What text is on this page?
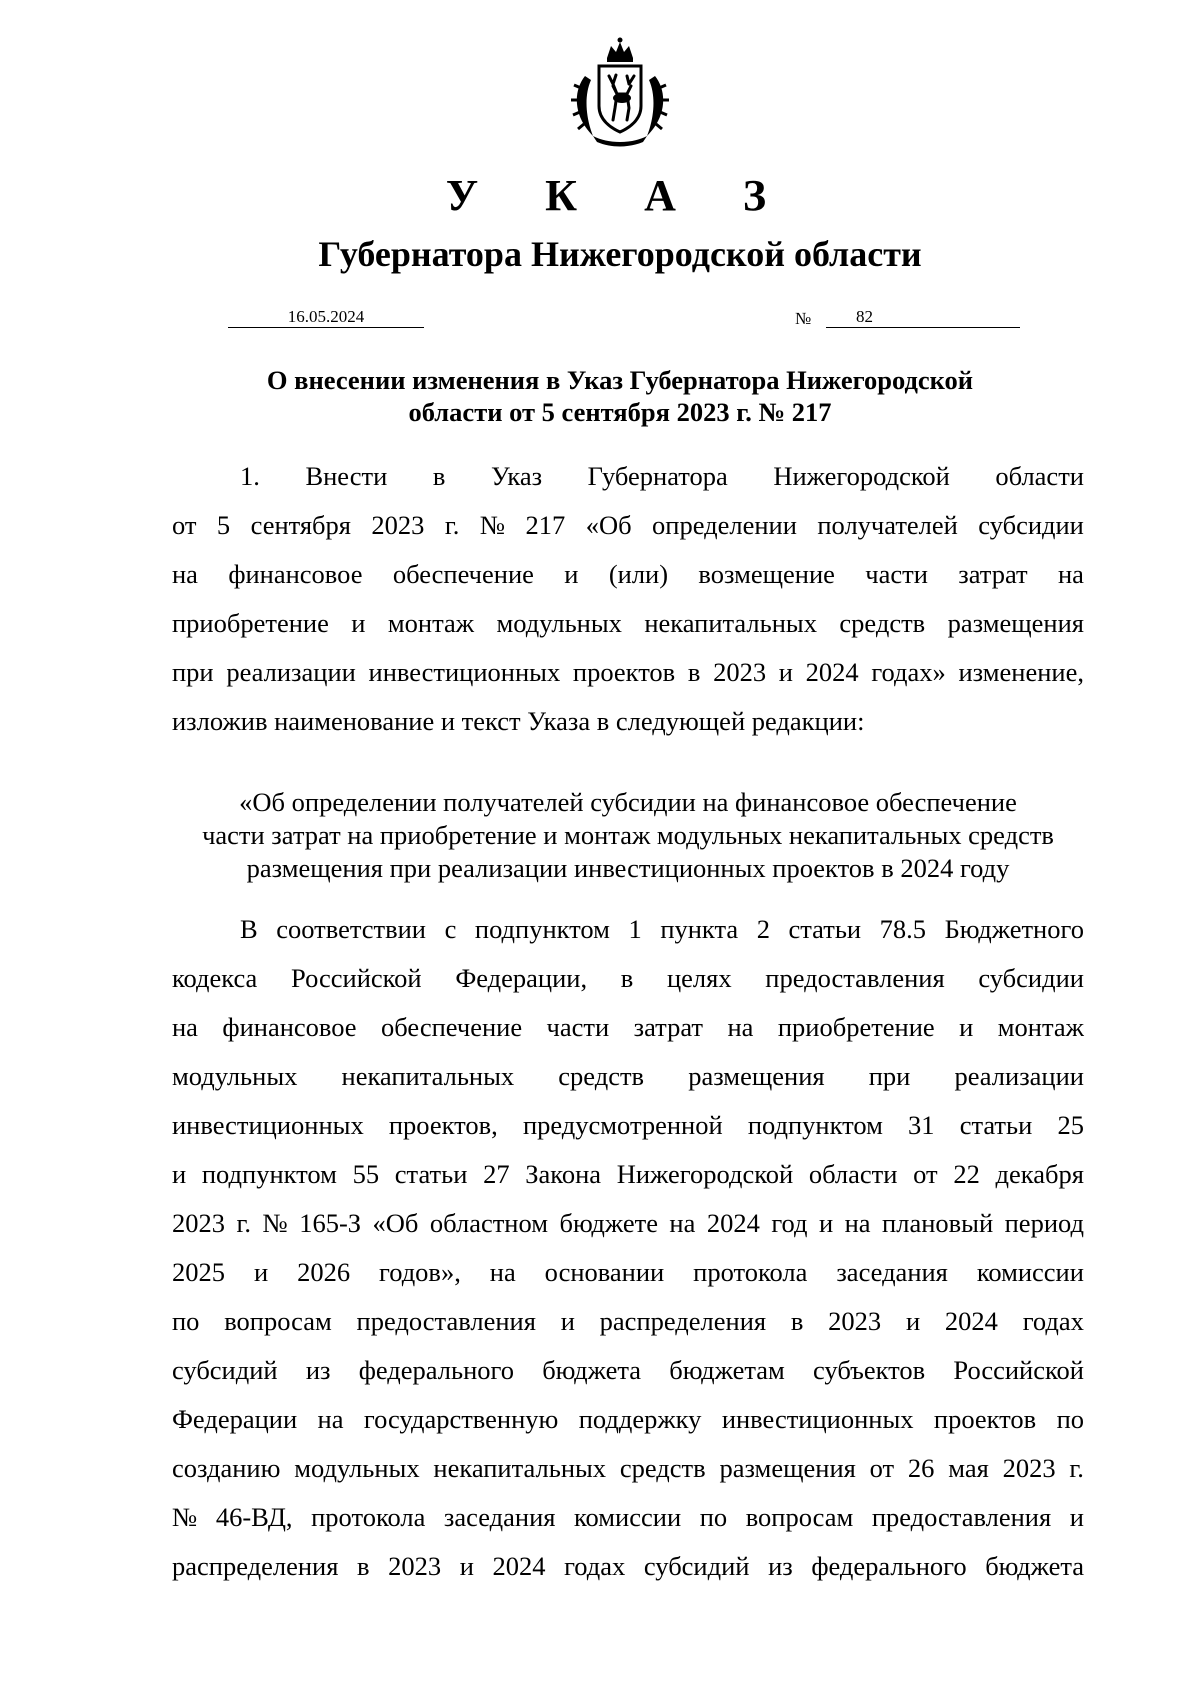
У К А З
Губернатора Нижегородской области
16.05.2024	№	82
О внесении изменения в Указ Губернатора Нижегородской
области от 5 сентября 2023 г. № 217
1. Внести в Указ Губернатора Нижегородской области
от 5 сентября 2023 г. № 217 «Об определении получателей субсидии
на финансовое обеспечение и (или) возмещение части затрат на
приобретение и монтаж модульных некапитальных средств размещения
при реализации инвестиционных проектов в 2023 и 2024 годах» изменение,
изложив наименование и текст Указа в следующей редакции:
«Об определении получателей субсидии на финансовое обеспечение
части затрат на приобретение и монтаж модульных некапитальных средств
размещения при реализации инвестиционных проектов в 2024 году
В соответствии с подпунктом 1 пункта 2 статьи 78.5 Бюджетного
кодекса Российской Федерации, в целях предоставления субсидии
на финансовое обеспечение части затрат на приобретение и монтаж
модульных некапитальных средств размещения при реализации
инвестиционных проектов, предусмотренной подпунктом 31 статьи 25
и подпунктом 55 статьи 27 Закона Нижегородской области от 22 декабря
2023 г. № 165-З «Об областном бюджете на 2024 год и на плановый период
2025 и 2026 годов», на основании протокола заседания комиссии
по вопросам предоставления и распределения в 2023 и 2024 годах
субсидий из федерального бюджета бюджетам субъектов Российской
Федерации на государственную поддержку инвестиционных проектов по
созданию модульных некапитальных средств размещения от 26 мая 2023 г.
№ 46-ВД, протокола заседания комиссии по вопросам предоставления и
распределения в 2023 и 2024 годах субсидий из федерального бюджета
